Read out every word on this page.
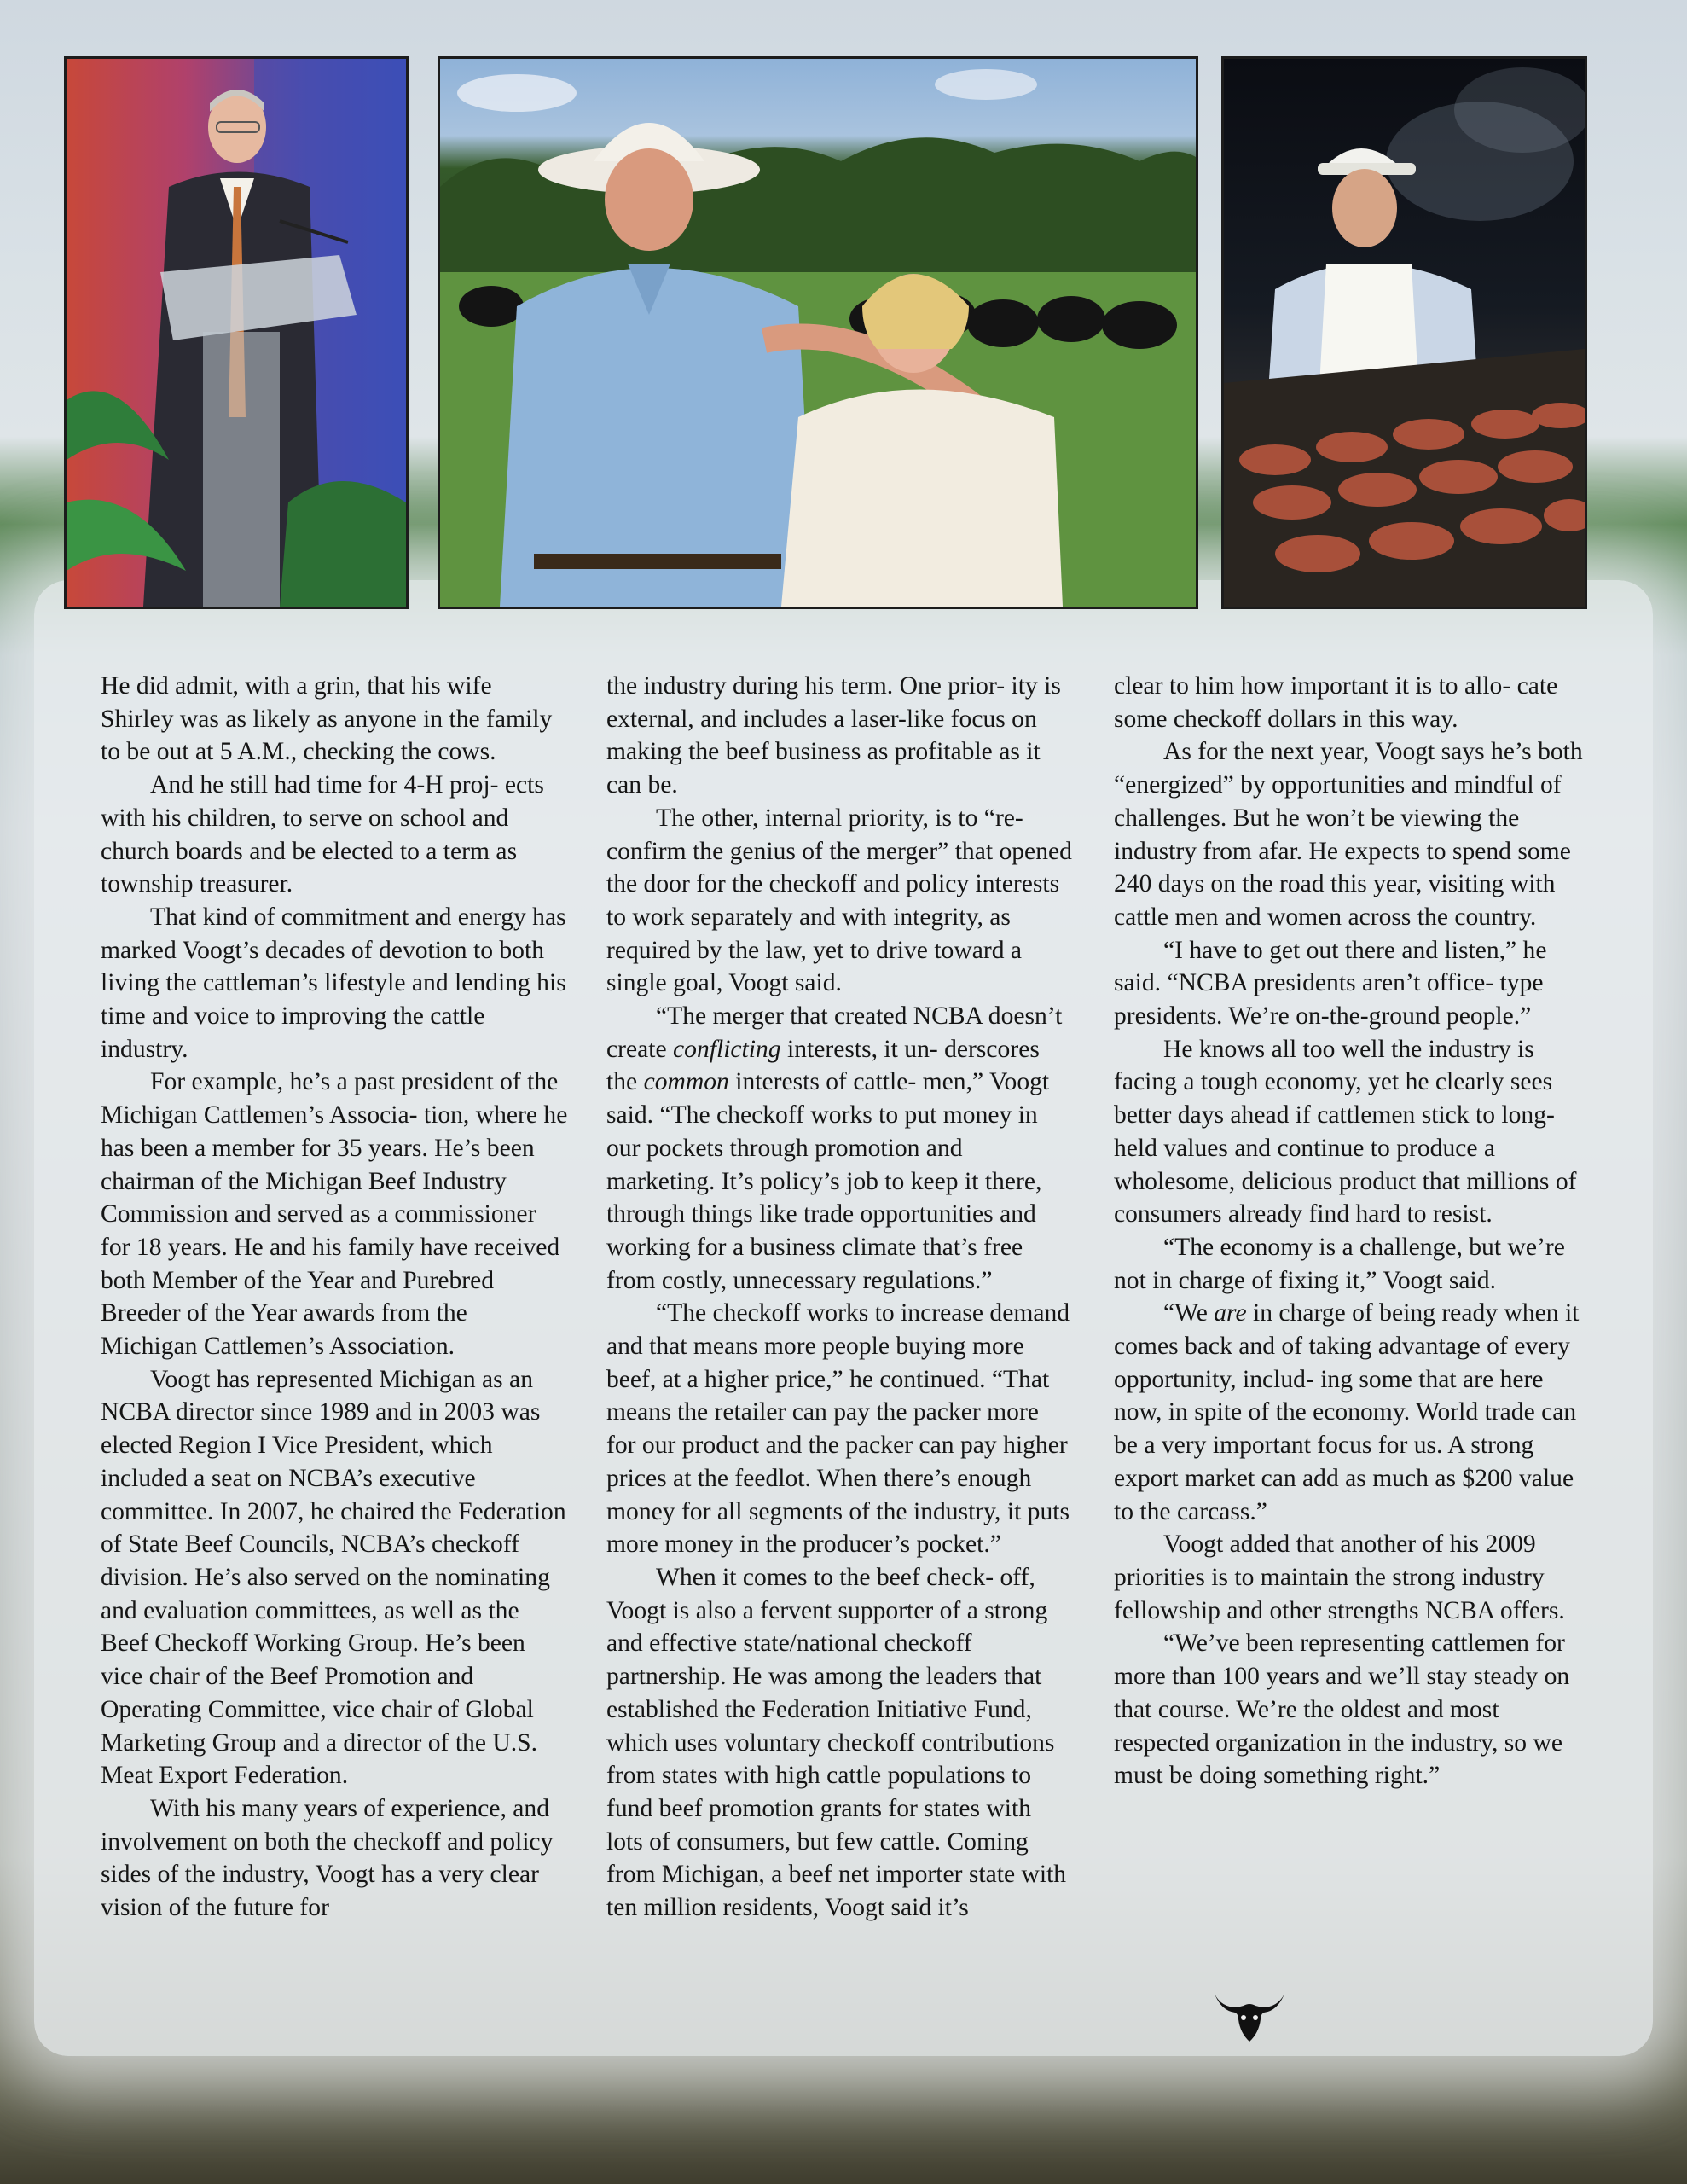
He did admit, with a grin, that his wife Shirley was as likely as anyone in the family to be out at 5 A.M., checking the cows.

And he still had time for 4-H proj- ects with his children, to serve on school and church boards and be elected to a term as township treasurer.

That kind of commitment and energy has marked Voogt’s decades of devotion to both living the cattleman’s lifestyle and lending his time and voice to improving the cattle industry.

For example, he’s a past president of the Michigan Cattlemen’s Associa- tion, where he has been a member for 35 years. He’s been chairman of the Michigan Beef Industry Commission and served as a commissioner for 18 years. He and his family have received both Member of the Year and Purebred Breeder of the Year awards from the Michigan Cattlemen’s Association.

Voogt has represented Michigan as an NCBA director since 1989 and in 2003 was elected Region I Vice President, which included a seat on NCBA’s executive committee. In 2007, he chaired the Federation of State Beef Councils, NCBA’s checkoff division. He’s also served on the nominating and evaluation committees, as well as the Beef Checkoff Working Group. He’s been vice chair of the Beef Promotion and Operating Committee, vice chair of Global Marketing Group and a director of the U.S. Meat Export Federation.

With his many years of experience, and involvement on both the checkoff and policy sides of the industry, Voogt has a very clear vision of the future for

the industry during his term. One prior- ity is external, and includes a laser-like focus on making the beef business as profitable as it can be.

The other, internal priority, is to “re- confirm the genius of the merger” that opened the door for the checkoff and policy interests to work separately and with integrity, as required by the law, yet to drive toward a single goal, Voogt said.

“The merger that created NCBA doesn’t create conflicting interests, it un- derscores the common interests of cattle- men,” Voogt said. “The checkoff works to put money in our pockets through promotion and marketing. It’s policy’s job to keep it there, through things like trade opportunities and working for a business climate that’s free from costly, unnecessary regulations.”

“The checkoff works to increase demand and that means more people buying more beef, at a higher price,” he continued. “That means the retailer can pay the packer more for our product and the packer can pay higher prices at the feedlot. When there’s enough money for all segments of the industry, it puts more money in the producer’s pocket.”

When it comes to the beef check- off, Voogt is also a fervent supporter of a strong and effective state/national checkoff partnership. He was among the leaders that established the Federation Initiative Fund, which uses voluntary checkoff contributions from states with high cattle populations to fund beef promotion grants for states with lots of consumers, but few cattle. Coming from Michigan, a beef net importer state with ten million residents, Voogt said it’s

clear to him how important it is to allo- cate some checkoff dollars in this way.

As for the next year, Voogt says he’s both “energized” by opportunities and mindful of challenges. But he won’t be viewing the industry from afar. He expects to spend some 240 days on the road this year, visiting with cattle men and women across the country.

“I have to get out there and listen,” he said. “NCBA presidents aren’t office- type presidents. We’re on-the-ground people.”

He knows all too well the industry is facing a tough economy, yet he clearly sees better days ahead if cattlemen stick to long-held values and continue to produce a wholesome, delicious product that millions of consumers already find hard to resist.

“The economy is a challenge, but we’re not in charge of fixing it,” Voogt said.

“We are in charge of being ready when it comes back and of taking advantage of every opportunity, includ- ing some that are here now, in spite of the economy. World trade can be a very important focus for us. A strong export market can add as much as $200 value to the carcass.”

Voogt added that another of his 2009 priorities is to maintain the strong industry fellowship and other strengths NCBA offers.

“We’ve been representing cattlemen for more than 100 years and we’ll stay steady on that course. We’re the oldest and most respected organization in the industry, so we must be doing something right.”
